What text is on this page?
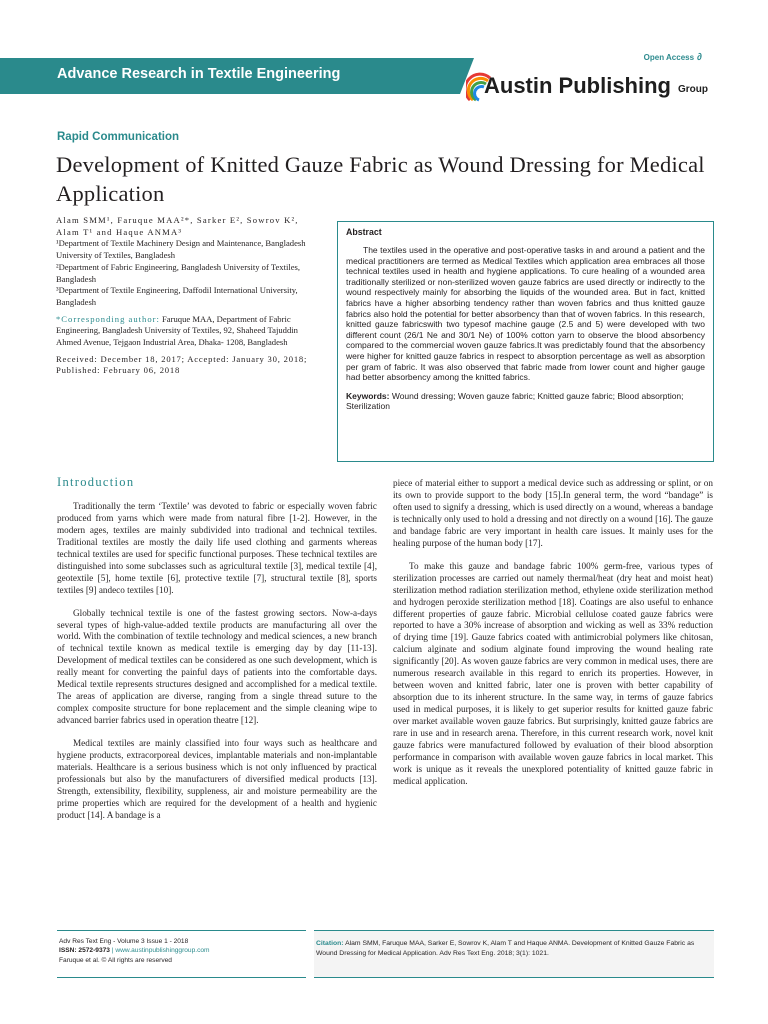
Open Access ∂
Advance Research in Textile Engineering	Austin Publishing Group
Rapid Communication
Development of Knitted Gauze Fabric as Wound Dressing for Medical Application

Alam SMM¹, Faruque MAA²*, Sarker E², Sowrov K², Alam T¹ and Haque ANMA³

¹Department of Textile Machinery Design and Maintenance, Bangladesh University of Textiles, Bangladesh

²Department of Fabric Engineering, Bangladesh University of Textiles, Bangladesh

³Department of Textile Engineering, Daffodil International University, Bangladesh

*Corresponding author: Faruque MAA, Department of Fabric Engineering, Bangladesh University of Textiles, 92, Shaheed Tajuddin Ahmed Avenue, Tejgaon Industrial Area, Dhaka- 1208, Bangladesh

Received: December 18, 2017; Accepted: January 30, 2018; Published: February 06, 2018

Abstract

The textiles used in the operative and post-operative tasks in and around a patient and the medical practitioners are termed as Medical Textiles which application area embraces all those technical textiles used in health and hygiene applications. To cure healing of a wounded area traditionally sterilized or non-sterilized woven gauze fabrics are used directly or indirectly to the wound respectively mainly for absorbing the liquids of the wounded area. But in fact, knitted fabrics have a higher absorbing tendency rather than woven fabrics and thus knitted gauze fabrics also hold the potential for better absorbency than that of woven fabrics. In this research, knitted gauze fabricswith two typesof machine gauge (2.5 and 5) were developed with two different count (26/1 Ne and 30/1 Ne) of 100% cotton yarn to observe the blood absorbency compared to the commercial woven gauze fabrics.It was predictably found that the absorbency were higher for knitted gauze fabrics in respect to absorption percentage as well as absorption per gram of fabric. It was also observed that fabric made from lower count and higher gauge had better absorbency among the knitted fabrics.

Keywords: Wound dressing; Woven gauze fabric; Knitted gauze fabric; Blood absorption; Sterilization

Introduction

Traditionally the term ‘Textile’ was devoted to fabric or especially woven fabric produced from yarns which were made from natural fibre [1-2]. However, in the modern ages, textiles are mainly subdivided into tradional and technical textiles. Traditional textiles are mostly the daily life used clothing and garments whereas technical textiles are used for specific functional purposes. These technical textiles are distinguished into some subclasses such as agricultural textile [3], medical textile [4], geotextile [5], home textile [6], protective textile [7], structural textile [8], sports textiles [9] andeco textiles [10].

Globally technical textile is one of the fastest growing sectors. Now-a-days several types of high-value-added textile products are manufacturing all over the world. With the combination of textile technology and medical sciences, a new branch of technical textile known as medical textile is emerging day by day [11-13]. Development of medical textiles can be considered as one such development, which is really meant for converting the painful days of patients into the comfortable days. Medical textile represents structures designed and accomplished for a medical textile. The areas of application are diverse, ranging from a single thread suture to the complex composite structure for bone replacement and the simple cleaning wipe to advanced barrier fabrics used in operation theatre [12].

Medical textiles are mainly classified into four ways such as healthcare and hygiene products, extracorporeal devices, implantable materials and non-implantable materials. Healthcare is a serious business which is not only influenced by practical professionals but also by the manufacturers of diversified medical products [13]. Strength, extensibility, flexibility, suppleness, air and moisture permeability are the prime properties which are required for the development of a health and hygienic product [14]. A bandage is a

piece of material either to support a medical device such as addressing or splint, or on its own to provide support to the body [15].In general term, the word “bandage” is often used to signify a dressing, which is used directly on a wound, whereas a bandage is technically only used to hold a dressing and not directly on a wound [16]. The gauze and bandage fabric are very important in health care issues. It mainly uses for the healing purpose of the human body [17].

To make this gauze and bandage fabric 100% germ-free, various types of sterilization processes are carried out namely thermal/heat (dry heat and moist heat) sterilization method radiation sterilization method, ethylene oxide sterilization method and hydrogen peroxide sterilization method [18]. Coatings are also useful to enhance different properties of gauze fabric. Microbial cellulose coated gauze fabrics were reported to have a 30% increase of absorption and wicking as well as 33% reduction of drying time [19]. Gauze fabrics coated with antimicrobial polymers like chitosan, calcium alginate and sodium alginate found improving the wound healing rate significantly [20]. As woven gauze fabrics are very common in medical uses, there are numerous research available in this regard to enrich its properties. However, in between woven and knitted fabric, later one is proven with better capability of absorption due to its inherent structure. In the same way, in terms of gauze fabrics used in medical purposes, it is likely to get superior results for knitted gauze fabric over market available woven gauze fabrics. But surprisingly, knitted gauze fabrics are rare in use and in research arena. Therefore, in this current research work, novel knit gauze fabrics were manufactured followed by evaluation of their blood absorption performance in comparison with available woven gauze fabrics in local market. This work is unique as it reveals the unexplored potentiality of knitted gauze fabric in medical application.

Adv Res Text Eng - Volume 3 Issue 1 - 2018
ISSN: 2572-9373 | www.austinpublishinggroup.com
Faruque et al. © All rights are reserved
Citation: Alam SMM, Faruque MAA, Sarker E, Sowrov K, Alam T and Haque ANMA. Development of Knitted Gauze Fabric as Wound Dressing for Medical Application. Adv Res Text Eng. 2018; 3(1): 1021.
